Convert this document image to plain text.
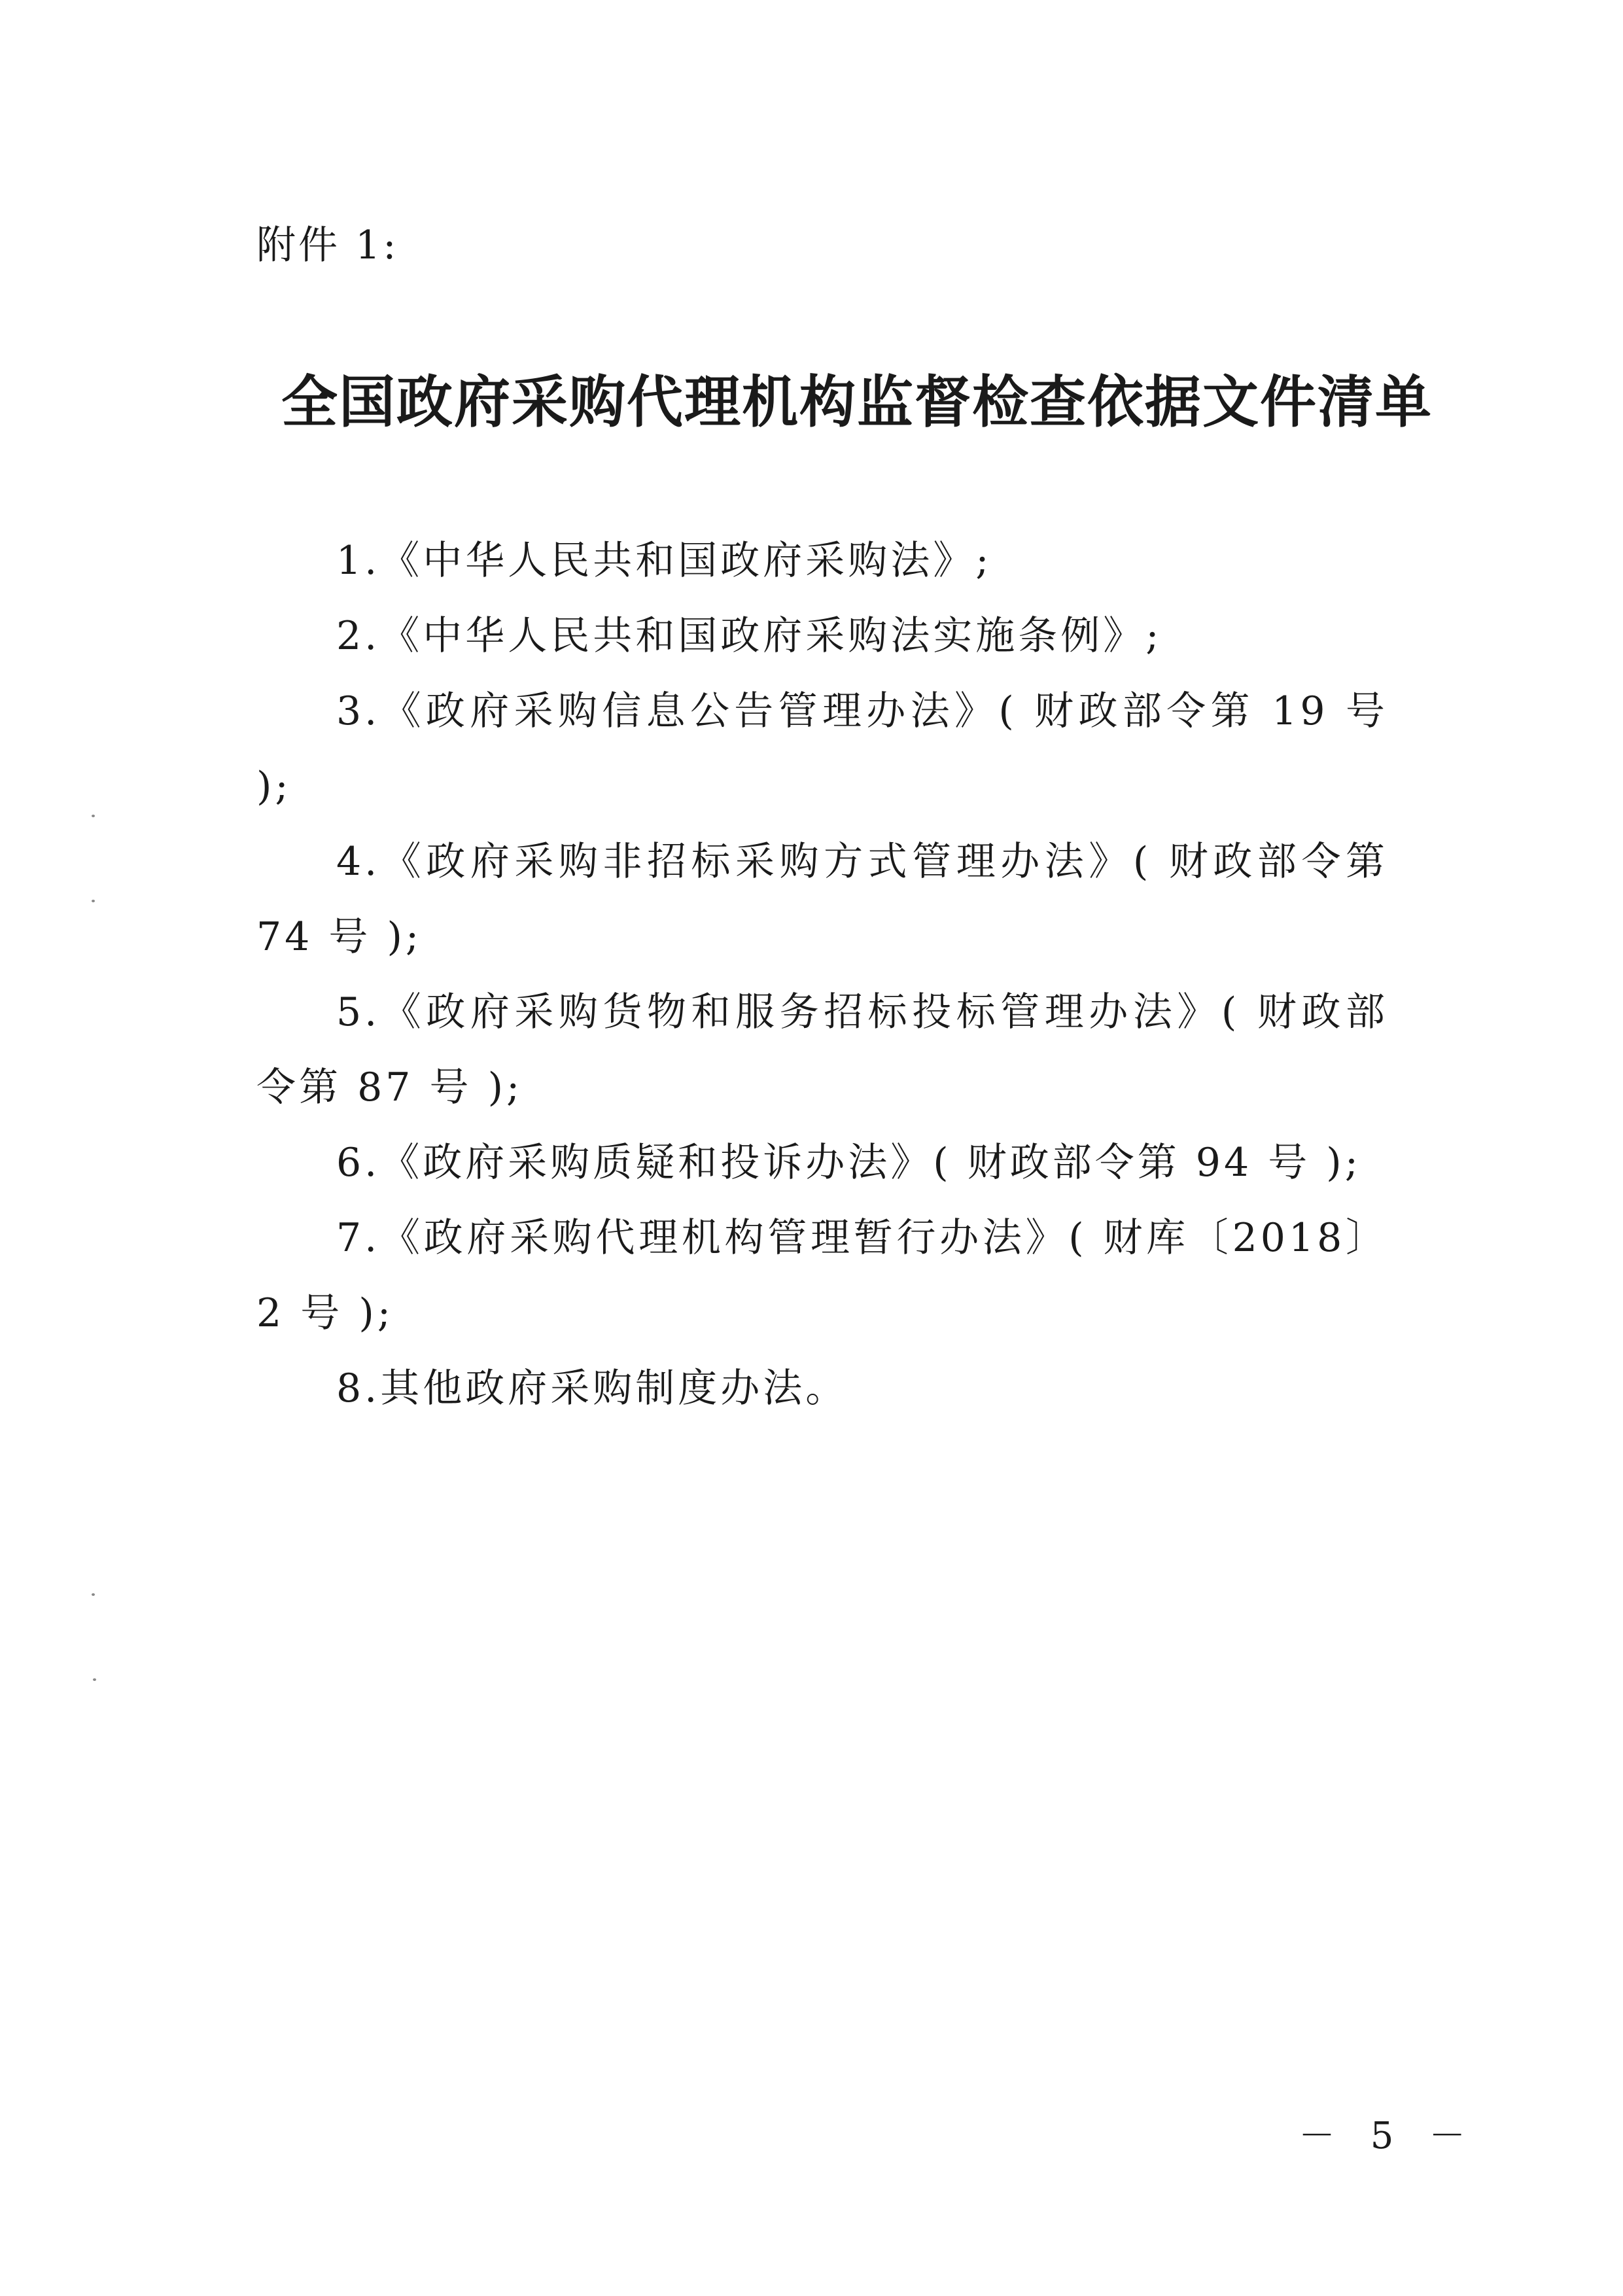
附件 1:
全国政府采购代理机构监督检查依据文件清单
1.《中华人民共和国政府采购法》;
2.《中华人民共和国政府采购法实施条例》;
3.《政府采购信息公告管理办法》( 财政部令第 19 号 );
4.《政府采购非招标采购方式管理办法》( 财政部令第 74 号 );
5.《政府采购货物和服务招标投标管理办法》( 财政部令第 87 号 );
6.《政府采购质疑和投诉办法》( 财政部令第 94 号 );
7.《政府采购代理机构管理暂行办法》( 财库〔2018〕2 号 );
8.其他政府采购制度办法。
－ 5 －
